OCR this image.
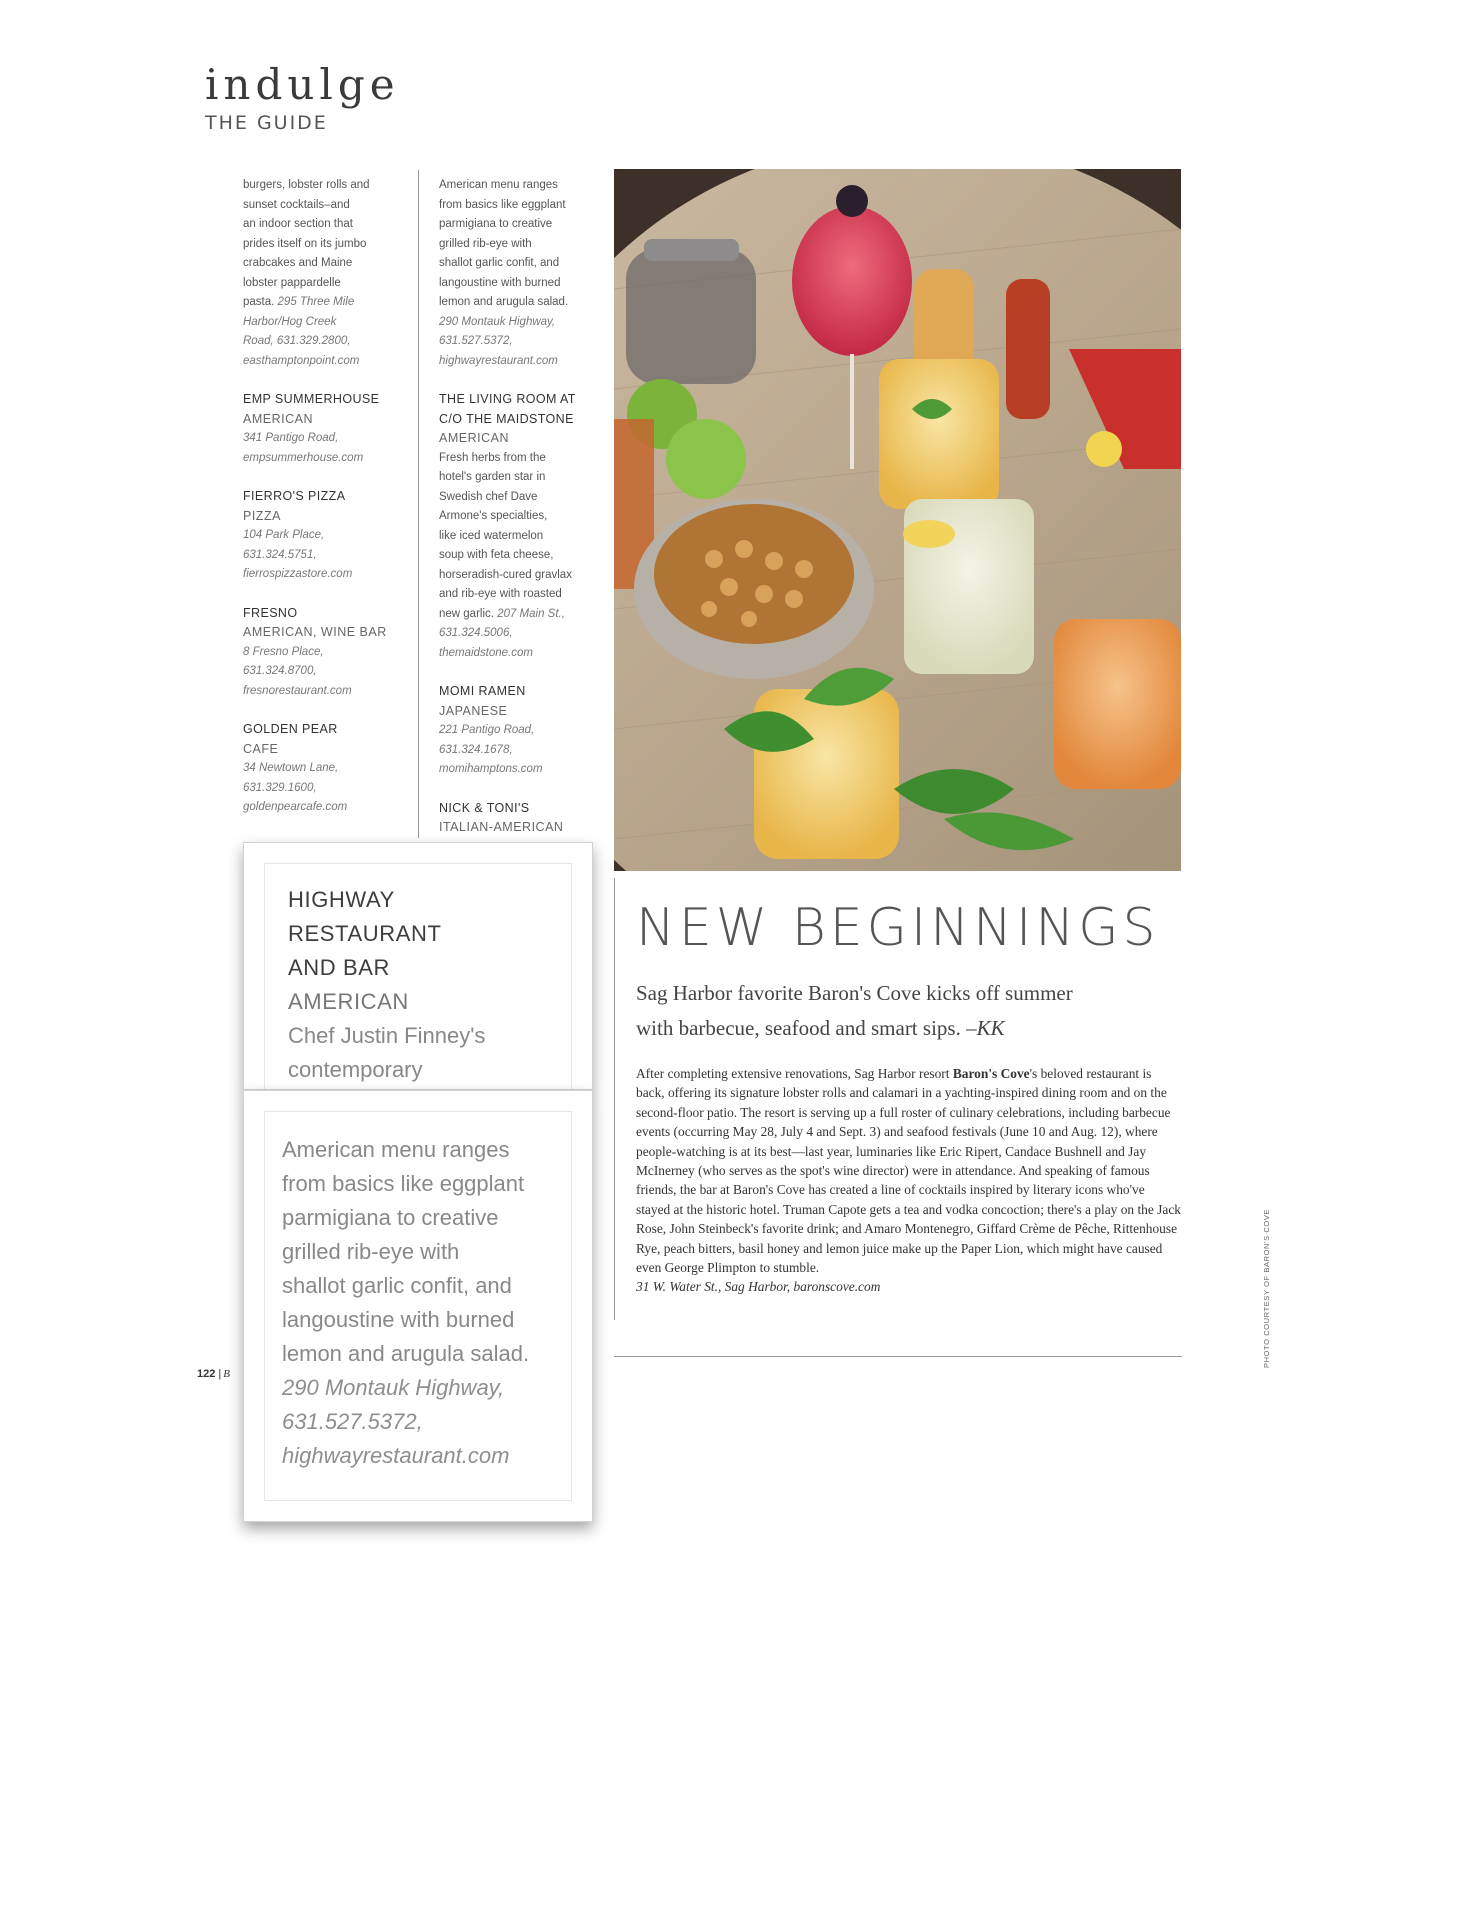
indulge

THE GUIDE

burgers, lobster rolls and

sunset cocktails–and

an indoor section that

prides itself on its jumbo

crabcakes and Maine

lobster pappardelle

pasta. 295 Three Mile

Harbor/Hog Creek

Road, 631.329.2800,

easthamptonpoint.com

EMP SUMMERHOUSE

AMERICAN

341 Pantigo Road,

empsummerhouse.com

FIERRO'S PIZZA

PIZZA

104 Park Place,

631.324.5751,

fierrospizzastore.com

FRESNO

AMERICAN, WINE BAR

8 Fresno Place,

631.324.8700,

fresnorestaurant.com

GOLDEN PEAR

CAFE

34 Newtown Lane,

631.329.1600,

goldenpearcafe.com

American menu ranges

from basics like eggplant

parmigiana to creative

grilled rib-eye with

shallot garlic confit, and

langoustine with burned

lemon and arugula salad.

290 Montauk Highway,

631.527.5372,

highwayrestaurant.com

THE LIVING ROOM AT

C/O THE MAIDSTONE

AMERICAN

Fresh herbs from the

hotel's garden star in

Swedish chef Dave

Armone's specialties,

like iced watermelon

soup with feta cheese,

horseradish-cured gravlax

and rib-eye with roasted

new garlic. 207 Main St.,

631.324.5006,

themaidstone.com

MOMI RAMEN

JAPANESE

221 Pantigo Road,

631.324.1678,

momihamptons.com

NICK & TONI'S

ITALIAN-AMERICAN

HIGHWAY
RESTAURANT
AND BAR
AMERICAN
Chef Justin Finney's
contemporary
American menu ranges
from basics like eggplant
parmigiana to creative
grilled rib-eye with
shallot garlic confit, and
langoustine with burned
lemon and arugula salad.
290 Montauk Highway,
631.527.5372,
highwayrestaurant.com
NEW BEGINNINGS
Sag Harbor favorite Baron's Cove kicks off summer
with barbecue, seafood and smart sips. –KK
After completing extensive renovations, Sag Harbor resort Baron's Cove's beloved restaurant is back, offering its signature lobster rolls and calamari in a yachting-inspired dining room and on the second-floor patio. The resort is serving up a full roster of culinary celebrations, including barbecue events (occurring May 28, July 4 and Sept. 3) and seafood festivals (June 10 and Aug. 12), where people-watching is at its best—last year, luminaries like Eric Ripert, Candace Bushnell and Jay McInerney (who serves as the spot's wine director) were in attendance. And speaking of famous friends, the bar at Baron's Cove has created a line of cocktails inspired by literary icons who've stayed at the historic hotel. Truman Capote gets a tea and vodka concoction; there's a play on the Jack Rose, John Steinbeck's favorite drink; and Amaro Montenegro, Giffard Crème de Pêche, Rittenhouse Rye, peach bitters, basil honey and lemon juice make up the Paper Lion, which might have caused even George Plimpton to stumble.
31 W. Water St., Sag Harbor, baronscove.com
122 | B
PHOTO COURTESY OF BARON'S COVE
